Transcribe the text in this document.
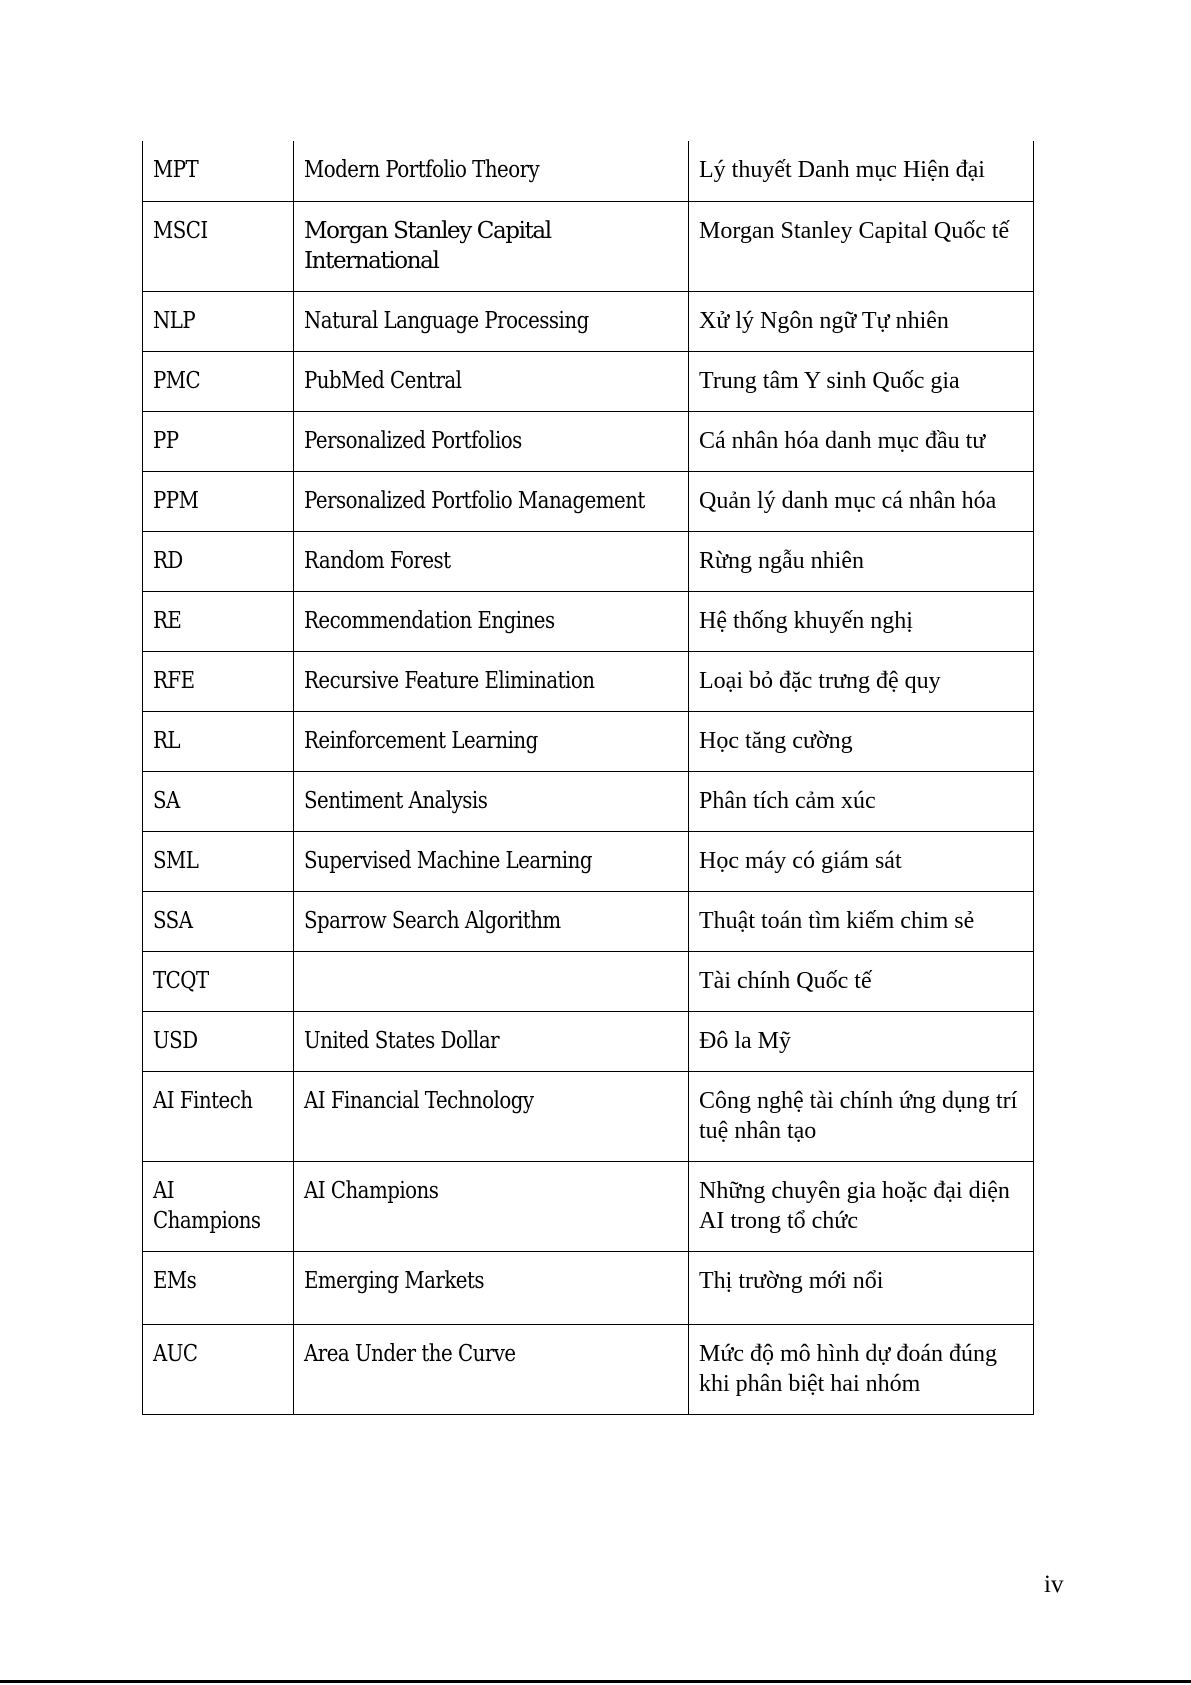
MPT	Modern Portfolio Theory	Lý thuyết Danh mục Hiện đại
MSCI	Morgan Stanley Capital International	Morgan Stanley Capital Quốc tế
NLP	Natural Language Processing	Xử lý Ngôn ngữ Tự nhiên
PMC	PubMed Central	Trung tâm Y sinh Quốc gia
PP	Personalized Portfolios	Cá nhân hóa danh mục đầu tư
PPM	Personalized Portfolio Management	Quản lý danh mục cá nhân hóa
RD	Random Forest	Rừng ngẫu nhiên
RE	Recommendation Engines	Hệ thống khuyến nghị
RFE	Recursive Feature Elimination	Loại bỏ đặc trưng đệ quy
RL	Reinforcement Learning	Học tăng cường
SA	Sentiment Analysis	Phân tích cảm xúc
SML	Supervised Machine Learning	Học máy có giám sát
SSA	Sparrow Search Algorithm	Thuật toán tìm kiếm chim sẻ
TCQT		Tài chính Quốc tế
USD	United States Dollar	Đô la Mỹ
AI Fintech	AI Financial Technology	Công nghệ tài chính ứng dụng trí tuệ nhân tạo
AI Champions	AI Champions	Những chuyên gia hoặc đại diện AI trong tổ chức
EMs	Emerging Markets	Thị trường mới nổi
AUC	Area Under the Curve	Mức độ mô hình dự đoán đúng khi phân biệt hai nhóm
iv
